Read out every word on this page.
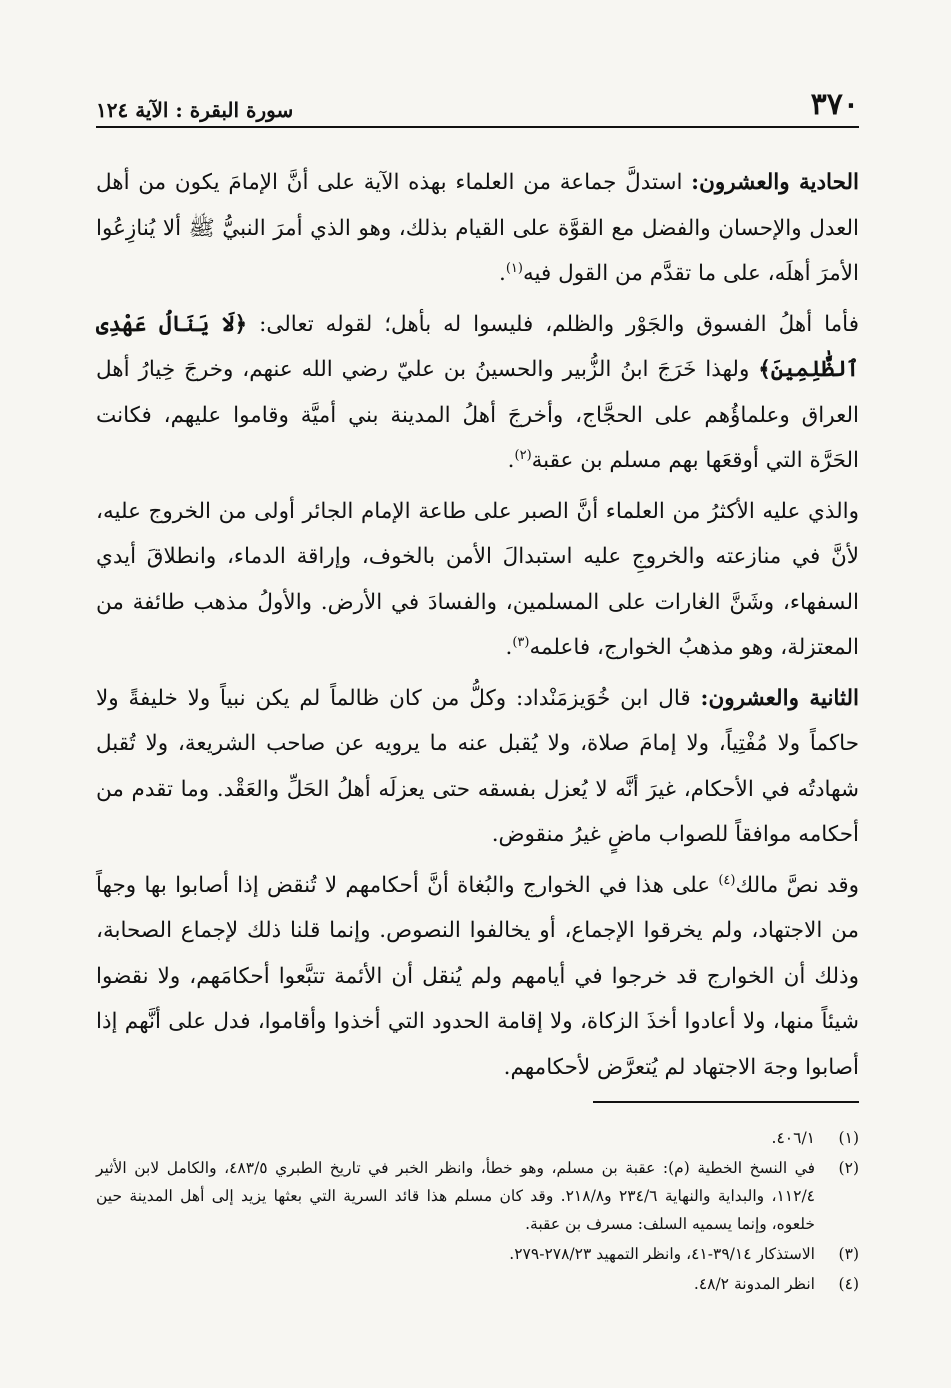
٣٧٠
سورة البقرة : الآية ١٢٤

الحادية والعشرون: استدلَّ جماعة من العلماء بهذه الآية على أنَّ الإمامَ يكون من أهل العدل والإحسان والفضل مع القوَّة على القيام بذلك، وهو الذي أمرَ النبيُّ ﷺ ألا يُنازِعُوا الأمرَ أهلَه، على ما تقدَّم من القول فيه$^{(١)}$.

فأما أهلُ الفسوق والجَوْر والظلم، فليسوا له بأهل؛ لقوله تعالى: ﴿لَا يَنَالُ عَهْدِى ٱلظَّٰلِمِينَ﴾ ولهذا خَرَجَ ابنُ الزُّبير والحسينُ بن عليّ رضي الله عنهم، وخرجَ خِيارُ أهل العراق وعلماؤُهم على الحجَّاج، وأخرجَ أهلُ المدينة بني أميَّة وقاموا عليهم، فكانت الحَرَّة التي أوقعَها بهم مسلم بن عقبة$^{(٢)}$.

والذي عليه الأكثرُ من العلماء أنَّ الصبر على طاعة الإمام الجائر أولى من الخروج عليه، لأنَّ في منازعته والخروجِ عليه استبدالَ الأمن بالخوف، وإراقة الدماء، وانطلاقَ أيدي السفهاء، وشَنَّ الغارات على المسلمين، والفسادَ في الأرض. والأولُ مذهب طائفة من المعتزلة، وهو مذهبُ الخوارج، فاعلمه$^{(٣)}$.

الثانية والعشرون: قال ابن خُوَيزمَنْداد: وكلُّ من كان ظالماً لم يكن نبياً ولا خليفةً ولا حاكماً ولا مُفْتِياً، ولا إمامَ صلاة، ولا يُقبل عنه ما يرويه عن صاحب الشريعة، ولا تُقبل شهادتُه في الأحكام، غيرَ أنَّه لا يُعزل بفسقه حتى يعزلَه أهلُ الحَلِّ والعَقْد. وما تقدم من أحكامه موافقاً للصواب ماضٍ غيرُ منقوض.

وقد نصَّ مالك$^{(٤)}$ على هذا في الخوارج والبُغاة أنَّ أحكامهم لا تُنقض إذا أصابوا بها وجهاً من الاجتهاد، ولم يخرقوا الإجماع، أو يخالفوا النصوص. وإنما قلنا ذلك لإجماع الصحابة، وذلك أن الخوارج قد خرجوا في أيامهم ولم يُنقل أن الأئمة تتبَّعوا أحكامَهم، ولا نقضوا شيئاً منها، ولا أعادوا أخذَ الزكاة، ولا إقامة الحدود التي أخذوا وأقاموا، فدل على أنَّهم إذا أصابوا وجهَ الاجتهاد لم يُتعرَّض لأحكامهم.

(١)
٤٠٦/١.
(٢)
في النسخ الخطية (م): عقبة بن مسلم، وهو خطأ، وانظر الخبر في تاريخ الطبري ٤٨٣/٥، والكامل لابن الأثير ١١٢/٤، والبداية والنهاية ٢٣٤/٦ و٢١٨/٨. وقد كان مسلم هذا قائد السرية التي بعثها يزيد إلى أهل المدينة حين خلعوه، وإنما يسميه السلف: مسرف بن عقبة.
(٣)
الاستذكار ٣٩/١٤-٤١، وانظر التمهيد ٢٧٨/٢٣-٢٧٩.
(٤)
انظر المدونة ٤٨/٢.
